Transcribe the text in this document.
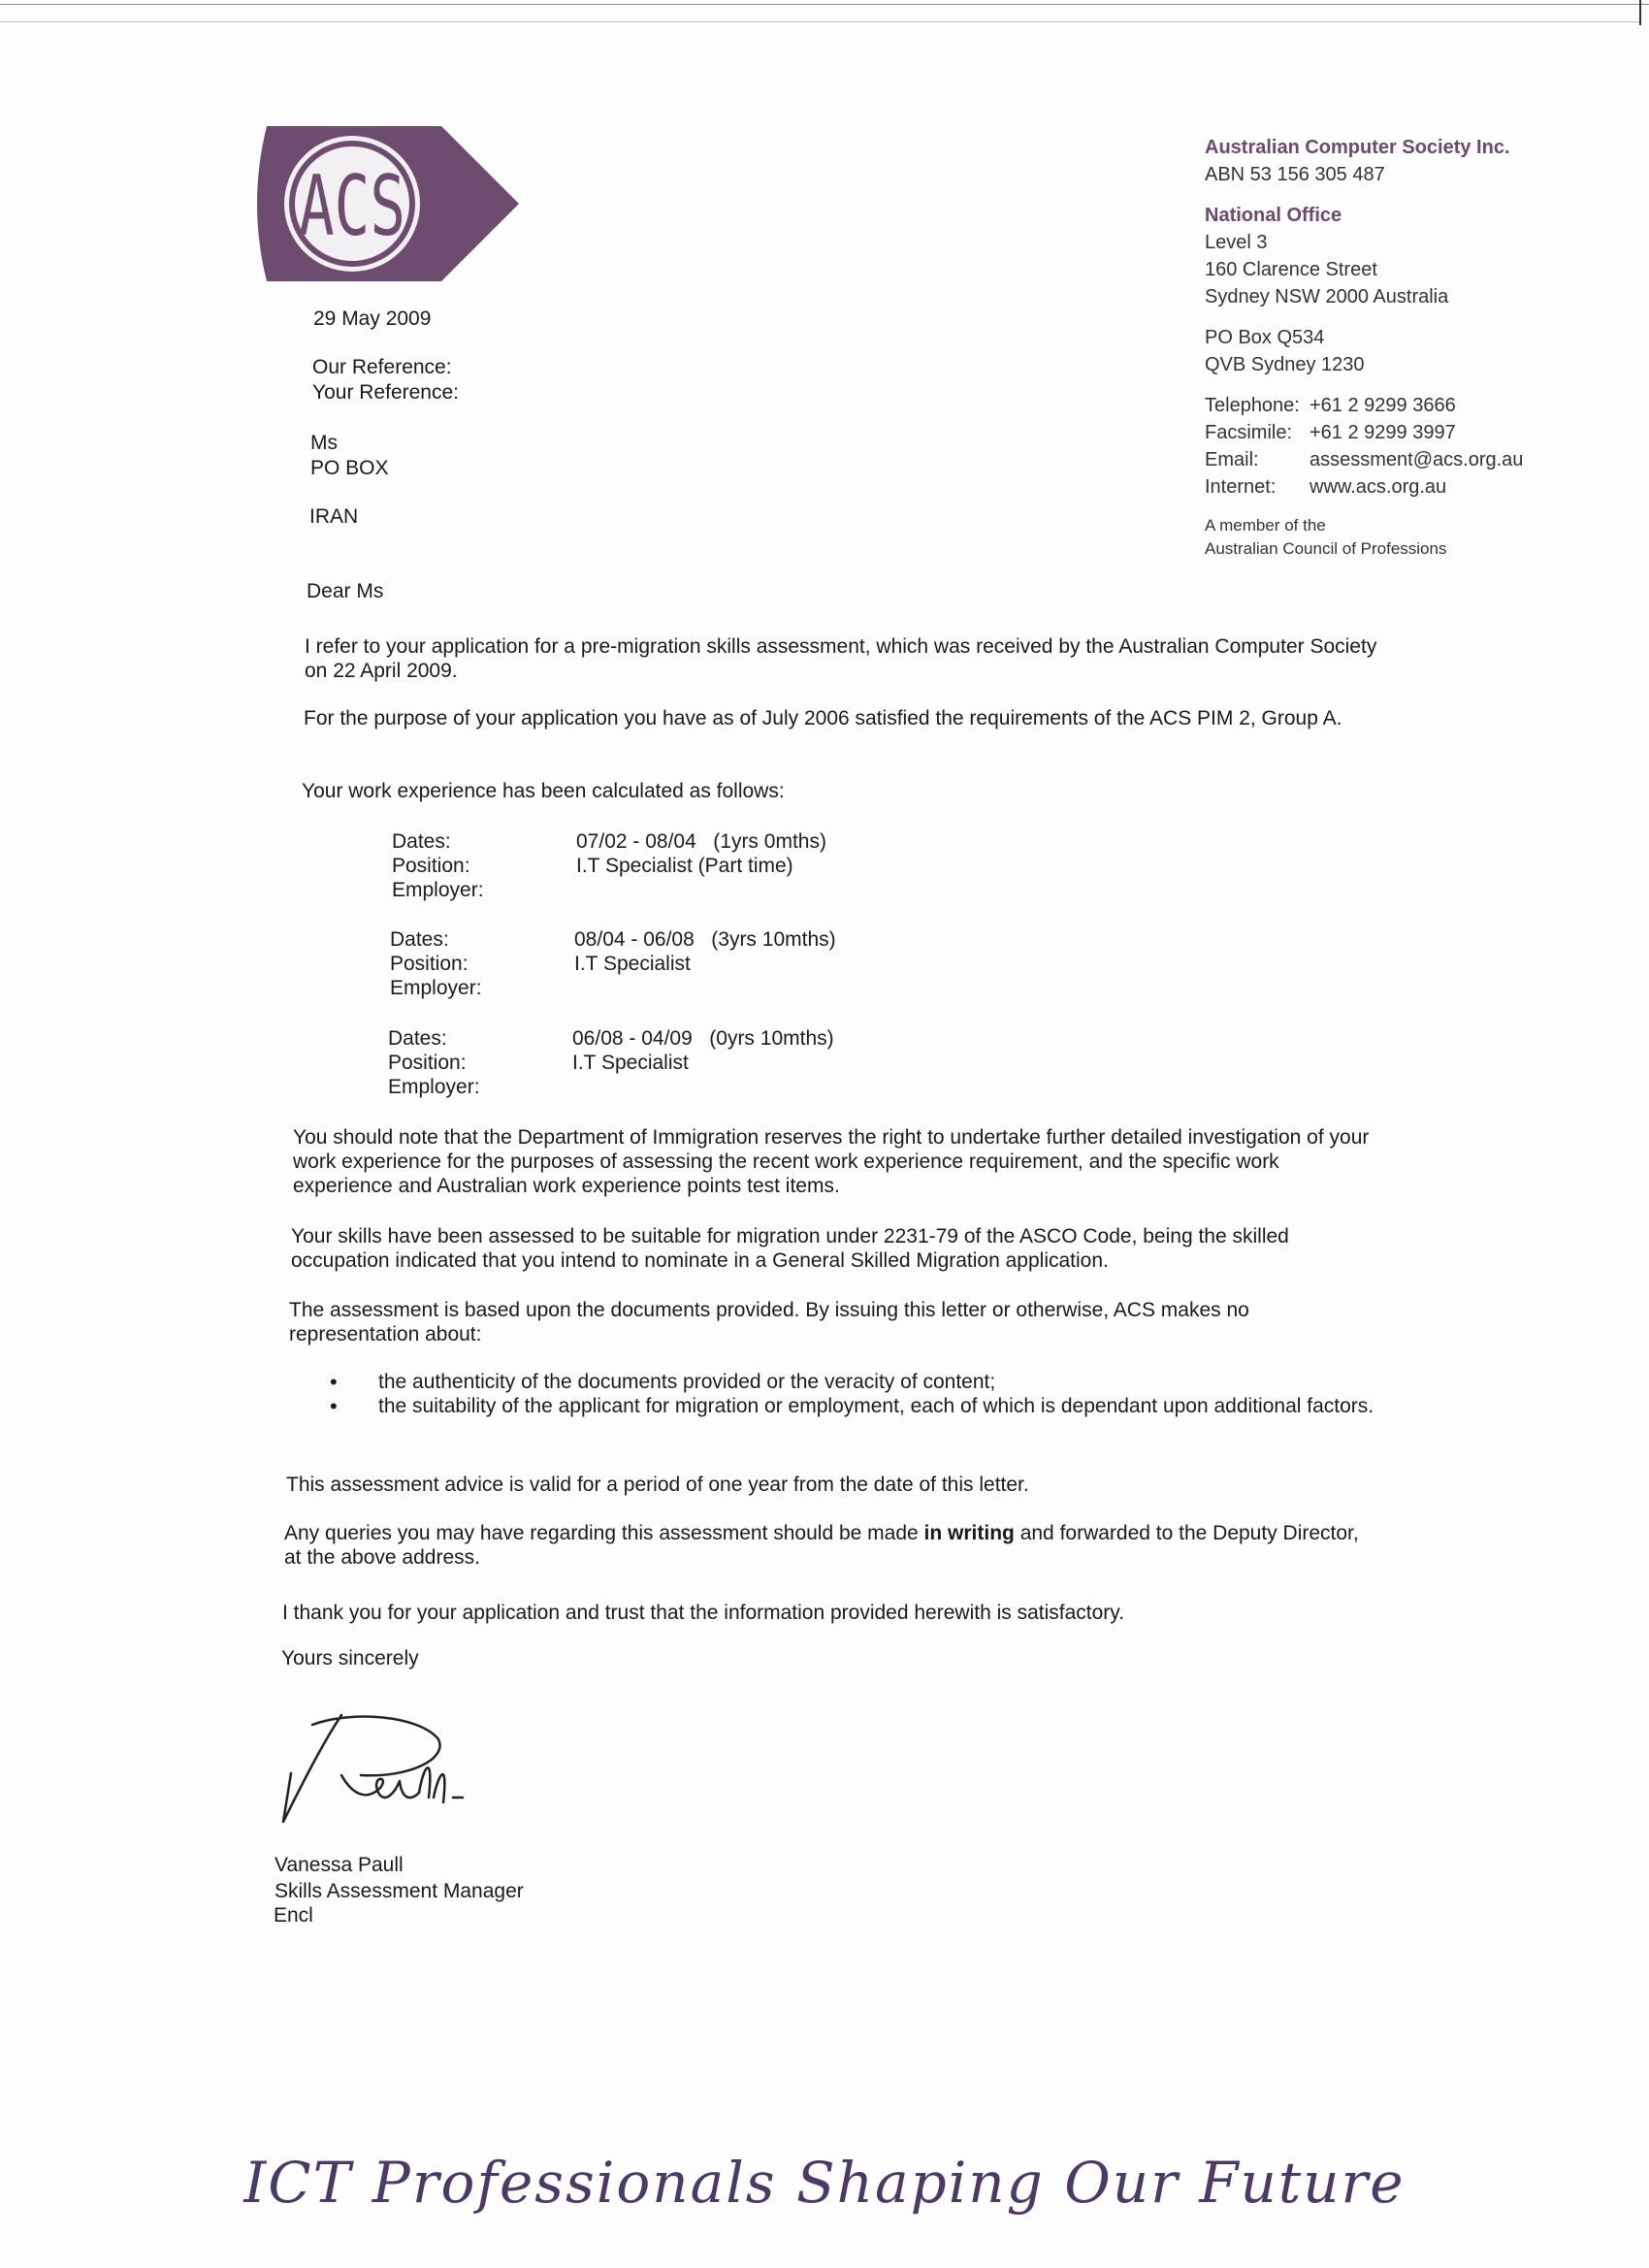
ACS
Australian Computer Society Inc.
ABN 53 156 305 487
National Office
Level 3
160 Clarence Street
Sydney NSW 2000 Australia
PO Box Q534
QVB Sydney 1230
Telephone: +61 2 9299 3666
Facsimile: +61 2 9299 3997
Email:	assessment@acs.org.au
Internet:	www.acs.org.au
A member of the
Australian Council of Professions
29 May 2009
Our Reference:
Your Reference:
Ms
PO BOX
IRAN
Dear Ms
I refer to your application for a pre-migration skills assessment, which was received by the Australian Computer Society on 22 April 2009.
For the purpose of your application you have as of July 2006 satisfied the requirements of the ACS PIM 2, Group A.
Your work experience has been calculated as follows:
Dates:	07/02 - 08/04   (1yrs 0mths)
Position:	I.T Specialist (Part time)
Employer:
Dates:	08/04 - 06/08   (3yrs 10mths)
Position:	I.T Specialist
Employer:
Dates:	06/08 - 04/09   (0yrs 10mths)
Position:	I.T Specialist
Employer:
You should note that the Department of Immigration reserves the right to undertake further detailed investigation of your work experience for the purposes of assessing the recent work experience requirement, and the specific work experience and Australian work experience points test items.
Your skills have been assessed to be suitable for migration under 2231-79 of the ASCO Code, being the skilled occupation indicated that you intend to nominate in a General Skilled Migration application.
The assessment is based upon the documents provided. By issuing this letter or otherwise, ACS makes no representation about:
• the authenticity of the documents provided or the veracity of content;
• the suitability of the applicant for migration or employment, each of which is dependant upon additional factors.
This assessment advice is valid for a period of one year from the date of this letter.
Any queries you may have regarding this assessment should be made in writing and forwarded to the Deputy Director, at the above address.
I thank you for your application and trust that the information provided herewith is satisfactory.
Yours sincerely
Vanessa Paull
Skills Assessment Manager
Encl
ICT Professionals Shaping Our Future
